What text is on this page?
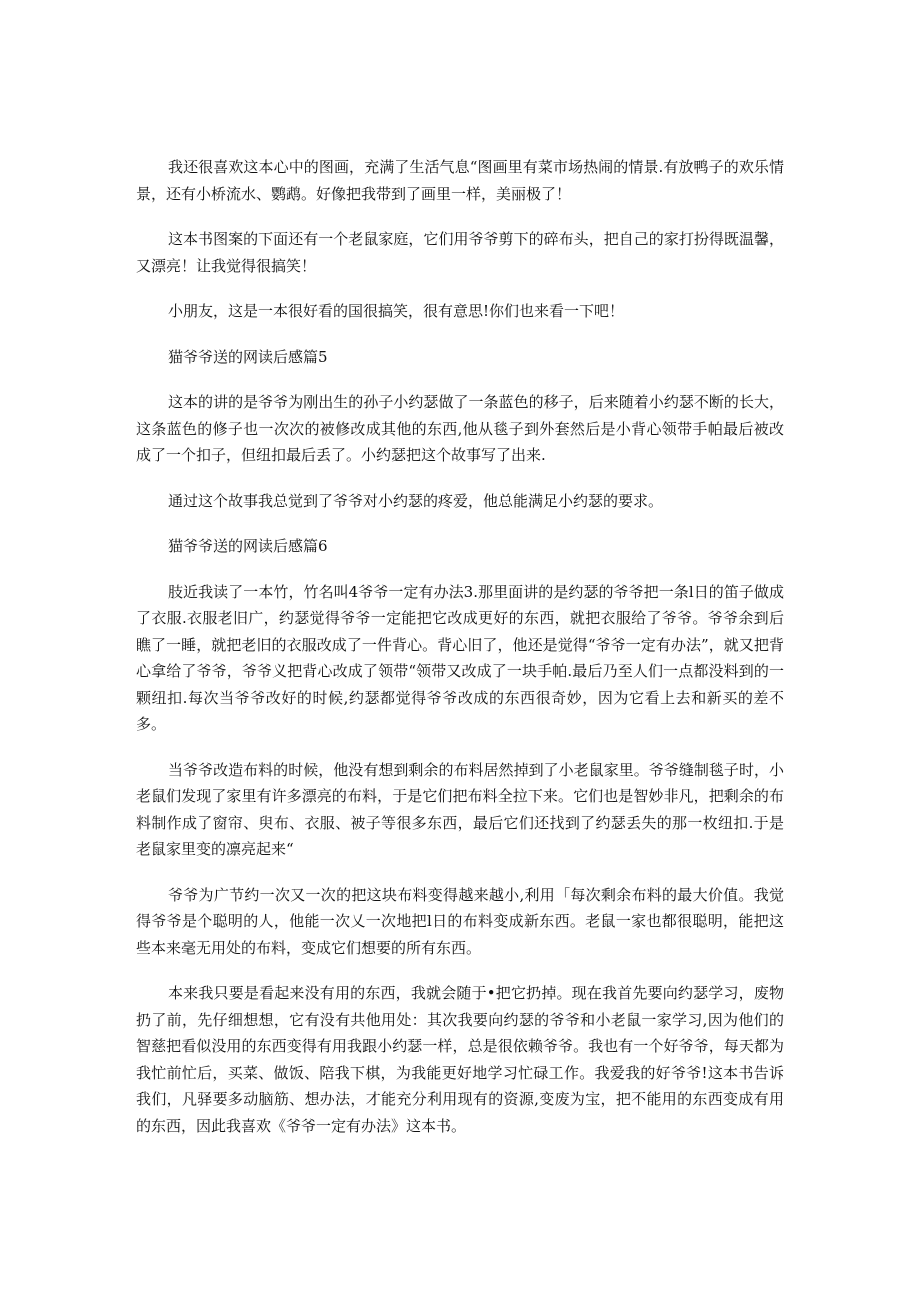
我还很喜欢这本心中的图画，充满了生活气息“图画里有菜市场热闹的情景.有放鸭子的欢乐情景，还有小桥流水、鹦鹉。好像把我带到了画里一样，美丽极了！

这本书图案的下面还有一个老鼠家庭，它们用爷爷剪下的碎布头，把自己的家打扮得既温馨，又漂亮！让我觉得很搞笑！

小朋友，这是一本很好看的国很搞笑，很有意思!你们也来看一下吧！

猫爷爷送的网读后感篇5

这本的讲的是爷爷为刚出生的孙子小约瑟做了一条蓝色的移子，后来随着小约瑟不断的长大，这条蓝色的修子也一次次的被修改成其他的东西,他从毯子到外套然后是小背心领带手帕最后被改成了一个扣子，但纽扣最后丢了。小约瑟把这个故事写了出来.

通过这个故事我总觉到了爷爷对小约瑟的疼爱，他总能满足小约瑟的要求。

猫爷爷送的网读后感篇6

肢近我读了一本竹，竹名叫4爷爷一定有办法3.那里面讲的是约瑟的爷爷把一条l日的笛子做成了衣服.衣服老旧广，约瑟觉得爷爷一定能把它改成更好的东西，就把衣服给了爷爷。爷爷余到后瞧了一睡，就把老旧的衣服改成了一件背心。背心旧了，他还是觉得“爷爷一定有办法”，就又把背心拿给了爷爷，爷爷义把背心改成了领带“领带又改成了一块手帕.最后乃至人们一点都没料到的一颗纽扣.每次当爷爷改好的时候,约瑟都觉得爷爷改成的东西很奇妙，因为它看上去和新买的差不多。

当爷爷改造布料的时候，他没有想到剩余的布料居然掉到了小老鼠家里。爷爷缝制毯子时，小老鼠们发现了家里有许多漂亮的布料，于是它们把布料全拉下来。它们也是智妙非凡，把剩余的布料制作成了窗帘、臾布、衣服、被子等很多东西，最后它们还找到了约瑟丢失的那一枚纽扣.于是老鼠家里变的凛亮起来“

爷爷为广节约一次又一次的把这块布料变得越来越小,利用「每次剩余布料的最大价值。我觉得爷爷是个聪明的人，他能一次乂一次地把l日的布料变成新东西。老鼠一家也都很聪明，能把这些本来毫无用处的布料，变成它们想要的所有东西。

本来我只要是看起来没有用的东西，我就会随于•把它扔掉。现在我首先要向约瑟学习，废物扔了前，先仔细想想，它有没有共他用处：其次我要向约瑟的爷爷和小老鼠一家学习,因为他们的智慈把看似没用的东西变得有用我跟小约瑟一样，总是很依赖爷爷。我也有一个好爷爷，每天都为我忙前忙后，买菜、做饭、陪我下棋，为我能更好地学习忙碌工作。我爱我的好爷爷!这本书告诉我们，凡驿要多动脑筋、想办法，才能充分利用现有的资源,变废为宝，把不能用的东西变成有用的东西，因此我喜欢《爷爷一定有办法》这本书。
